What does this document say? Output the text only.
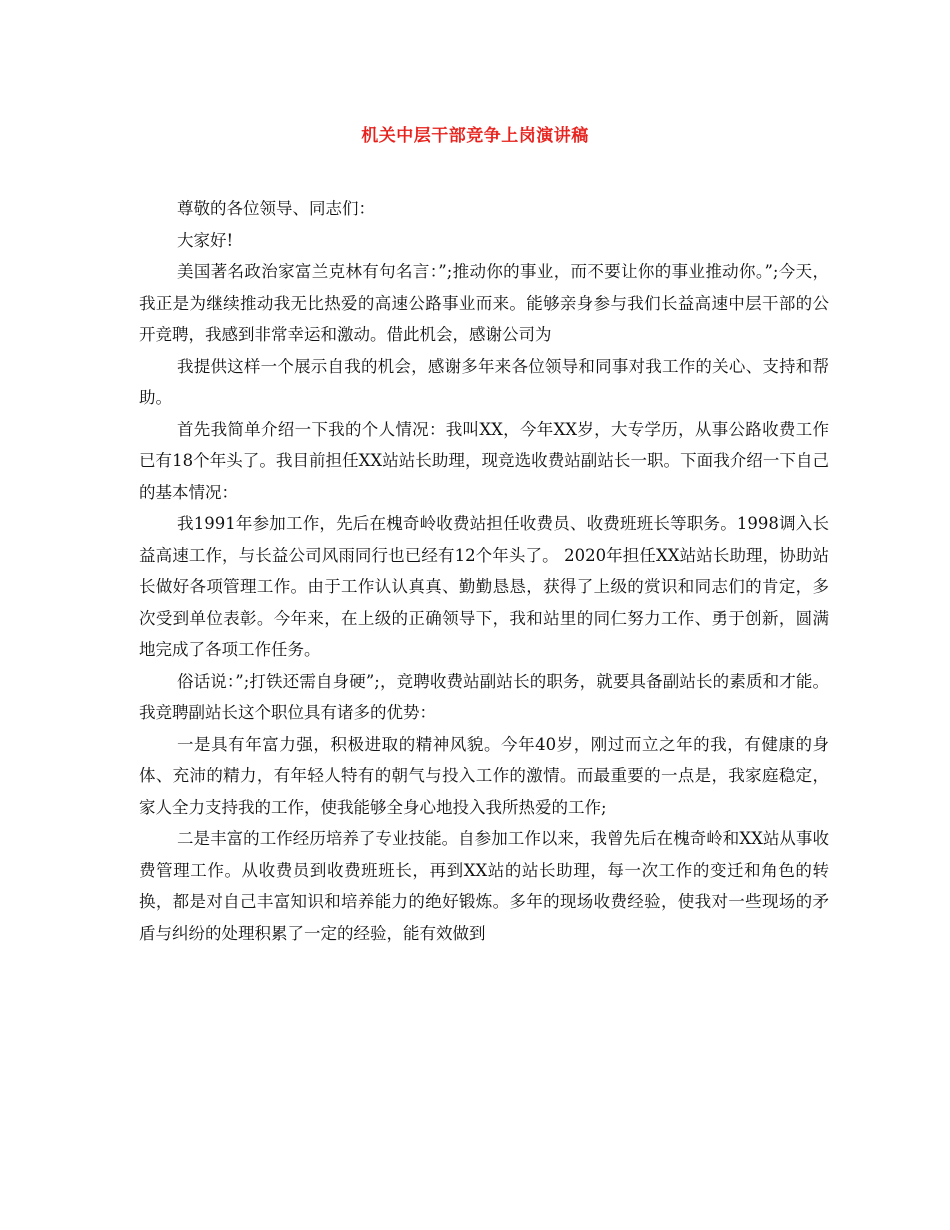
机关中层干部竞争上岗演讲稿

尊敬的各位领导、同志们：

大家好!

美国著名政治家富兰克林有句名言：”;推动你的事业，而不要让你的事业推动你。”;今天，我正是为继续推动我无比热爱的高速公路事业而来。能够亲身参与我们长益高速中层干部的公开竞聘，我感到非常幸运和激动。借此机会，感谢公司为

我提供这样一个展示自我的机会，感谢多年来各位领导和同事对我工作的关心、支持和帮助。

首先我简单介绍一下我的个人情况：我叫XX，今年XX岁，大专学历，从事公路收费工作已有18个年头了。我目前担任XX站站长助理，现竞选收费站副站长一职。下面我介绍一下自己的基本情况：

我1991年参加工作，先后在槐奇岭收费站担任收费员、收费班班长等职务。1998调入长益高速工作，与长益公司风雨同行也已经有12个年头了。 2020年担任XX站站长助理，协助站长做好各项管理工作。由于工作认认真真、勤勤恳恳，获得了上级的赏识和同志们的肯定，多次受到单位表彰。今年来，在上级的正确领导下，我和站里的同仁努力工作、勇于创新，圆满地完成了各项工作任务。

俗话说：”;打铁还需自身硬”;，竞聘收费站副站长的职务，就要具备副站长的素质和才能。我竞聘副站长这个职位具有诸多的优势：

一是具有年富力强，积极进取的精神风貌。今年40岁，刚过而立之年的我，有健康的身体、充沛的精力，有年轻人特有的朝气与投入工作的激情。而最重要的一点是，我家庭稳定，家人全力支持我的工作，使我能够全身心地投入我所热爱的工作;

二是丰富的工作经历培养了专业技能。自参加工作以来，我曾先后在槐奇岭和XX站从事收费管理工作。从收费员到收费班班长，再到XX站的站长助理，每一次工作的变迁和角色的转换，都是对自己丰富知识和培养能力的绝好锻炼。多年的现场收费经验，使我对一些现场的矛盾与纠纷的处理积累了一定的经验，能有效做到
